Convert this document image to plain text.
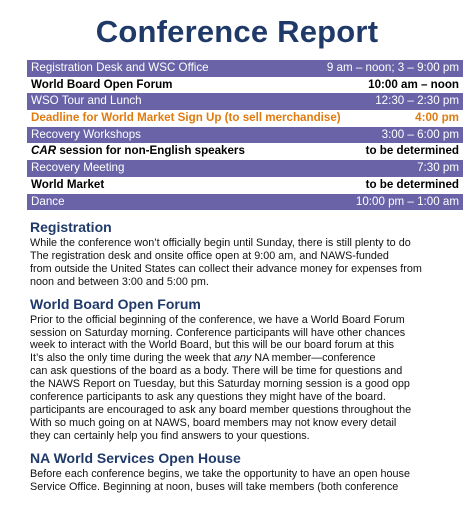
Conference Report
Registration Desk and WSC Office	9 am – noon; 3 – 9:00 pm
World Board Open Forum	10:00 am – noon
WSO Tour and Lunch	12:30 – 2:30 pm
Deadline for World Market Sign Up (to sell merchandise)	4:00 pm
Recovery Workshops	3:00 – 6:00 pm
CAR session for non-English speakers	to be determined
Recovery Meeting	7:30 pm
World Market	to be determined
Dance	10:00 pm – 1:00 am
Registration
While the conference won’t officially begin until Sunday, there is still plenty to do
The registration desk and onsite office open at 9:00 am, and NAWS-funded
from outside the United States can collect their advance money for expenses from
noon and between 3:00 and 5:00 pm.
World Board Open Forum
Prior to the official beginning of the conference, we have a World Board Forum
session on Saturday morning. Conference participants will have other chances
week to interact with the World Board, but this will be our board forum at this
It’s also the only time during the week that any NA member—conference
can ask questions of the board as a body. There will be time for questions and
the NAWS Report on Tuesday, but this Saturday morning session is a good opp
conference participants to ask any questions they might have of the board.
participants are encouraged to ask any board member questions throughout the
With so much going on at NAWS, board members may not know every detail
they can certainly help you find answers to your questions.
NA World Services Open House
Before each conference begins, we take the opportunity to have an open house
Service Office. Beginning at noon, buses will take members (both conference
